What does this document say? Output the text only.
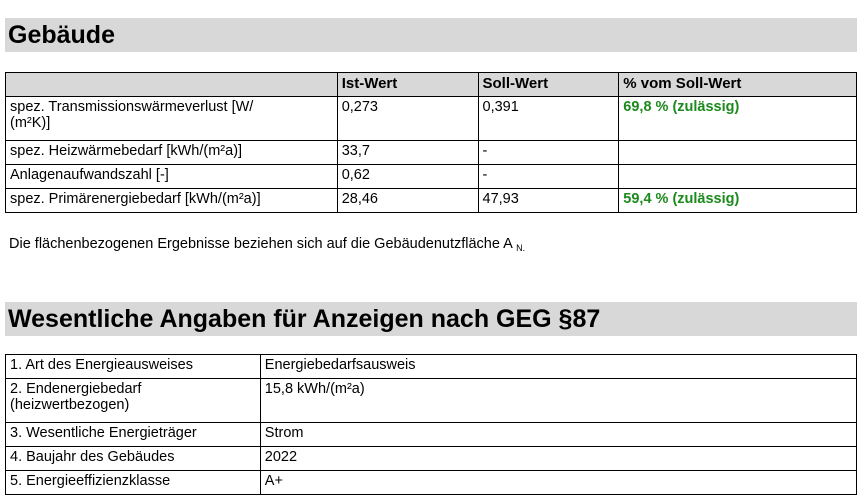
Gebäude
	Ist-Wert	Soll-Wert	% vom Soll-Wert
spez. Transmissionswärmeverlust [W/
(m²K)]	0,273	0,391	69,8 % (zulässig)
spez. Heizwärmebedarf [kWh/(m²a)]	33,7	-	
Anlagenaufwandszahl [-]	0,62	-	
spez. Primärenergiebedarf [kWh/(m²a)]	28,46	47,93	59,4 % (zulässig)
Die flächenbezogenen Ergebnisse beziehen sich auf die Gebäudenutzfläche A $_{N.}$
Wesentliche Angaben für Anzeigen nach GEG §87
1. Art des Energieausweises	Energiebedarfsausweis
2. Endenergiebedarf
(heizwertbezogen)	15,8 kWh/(m²a)
3. Wesentliche Energieträger	Strom
4. Baujahr des Gebäudes	2022
5. Energieeffizienzklasse	A+
